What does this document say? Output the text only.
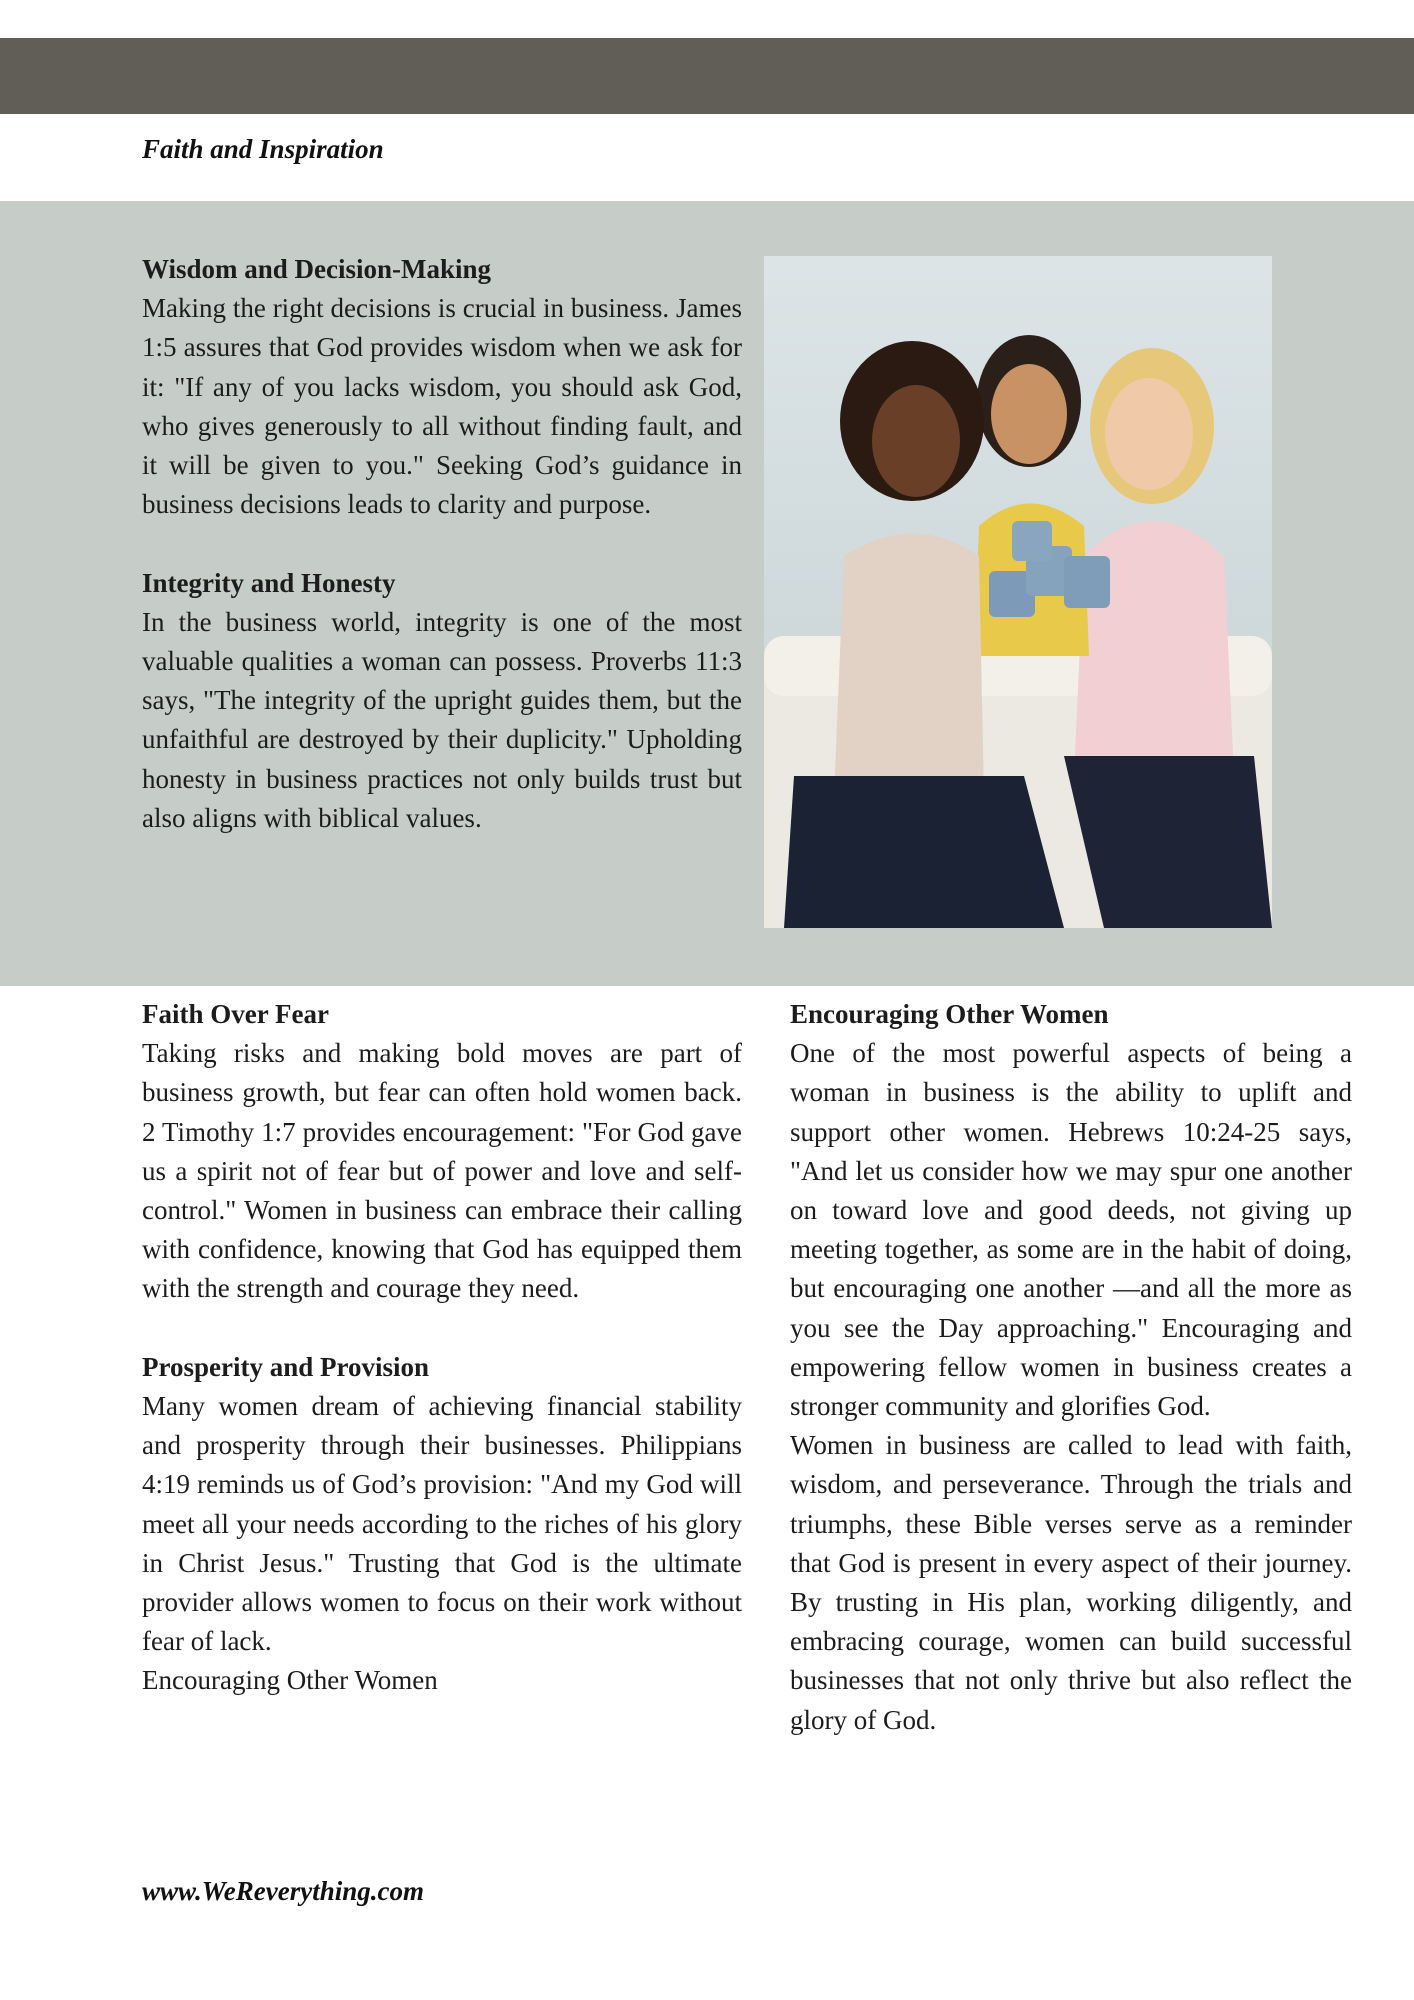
Faith and Inspiration
Wisdom and Decision-Making

Making the right decisions is crucial in business. James 1:5 assures that God provides wisdom when we ask for it: "If any of you lacks wisdom, you should ask God, who gives generously to all without finding fault, and it will be given to you." Seeking God’s guidance in business decisions leads to clarity and purpose.

Integrity and Honesty

In the business world, integrity is one of the most valuable qualities a woman can possess. Proverbs 11:3 says, "The integrity of the upright guides them, but the unfaithful are destroyed by their duplicity." Upholding honesty in business practices not only builds trust but also aligns with biblical values.

Faith Over Fear

Taking risks and making bold moves are part of business growth, but fear can often hold women back. 2 Timothy 1:7 provides encouragement: "For God gave us a spirit not of fear but of power and love and self-control." Women in business can embrace their calling with confidence, knowing that God has equipped them with the strength and courage they need.

Prosperity and Provision

Many women dream of achieving financial stability and prosperity through their businesses. Philippians 4:19 reminds us of God’s provision: "And my God will meet all your needs according to the riches of his glory in Christ Jesus." Trusting that God is the ultimate provider allows women to focus on their work without fear of lack.

Encouraging Other Women

Encouraging Other Women

One of the most powerful aspects of being a woman in business is the ability to uplift and support other women. Hebrews 10:24-25 says, "And let us consider how we may spur one another on toward love and good deeds, not giving up meeting together, as some are in the habit of doing, but encouraging one another —and all the more as you see the Day approaching." Encouraging and empowering fellow women in business creates a stronger community and glorifies God.

Women in business are called to lead with faith, wisdom, and perseverance. Through the trials and triumphs, these Bible verses serve as a reminder that God is present in every aspect of their journey. By trusting in His plan, working diligently, and embracing courage, women can build successful businesses that not only thrive but also reflect the glory of God.

www.WeReverything.com
